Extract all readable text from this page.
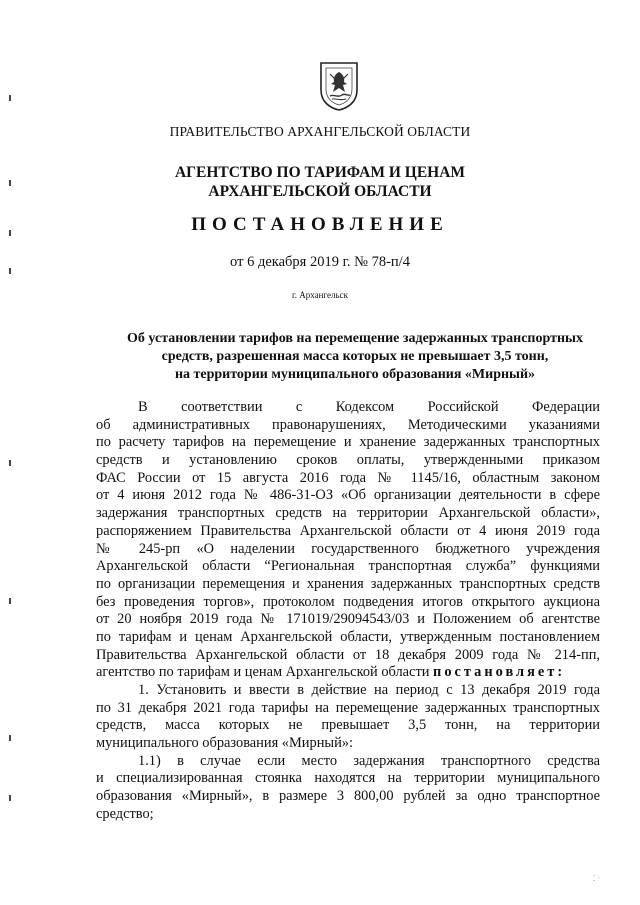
ПРАВИТЕЛЬСТВО АРХАНГЕЛЬСКОЙ ОБЛАСТИ
АГЕНТСТВО ПО ТАРИФАМ И ЦЕНАМ
АРХАНГЕЛЬСКОЙ ОБЛАСТИ
ПОСТАНОВЛЕНИЕ
от 6 декабря 2019 г. № 78-п/4
г. Архангельск
Об установлении тарифов на перемещение задержанных транспортных
средств, разрешенная масса которых не превышает 3,5 тонн,
на территории муниципального образования «Мирный»
В соответствии с Кодексом Российской Федерации
об административных правонарушениях, Методическими указаниями
по расчету тарифов на перемещение и хранение задержанных транспортных
средств и установлению сроков оплаты, утвержденными приказом
ФАС России от 15 августа 2016 года № 1145/16, областным законом
от 4 июня 2012 года № 486-31-ОЗ «Об организации деятельности в сфере
задержания транспортных средств на территории Архангельской области»,
распоряжением Правительства Архангельской области от 4 июня 2019 года
№ 245-рп «О наделении государственного бюджетного учреждения
Архангельской области “Региональная транспортная служба” функциями
по организации перемещения и хранения задержанных транспортных средств
без проведения торгов», протоколом подведения итогов открытого аукциона
от 20 ноября 2019 года № 171019/29094543/03 и Положением об агентстве
по тарифам и ценам Архангельской области, утвержденным постановлением
Правительства Архангельской области от 18 декабря 2009 года № 214-пп,
агентство по тарифам и ценам Архангельской области постановляет:
1. Установить и ввести в действие на период с 13 декабря 2019 года
по 31 декабря 2021 года тарифы на перемещение задержанных транспортных
средств, масса которых не превышает 3,5 тонн, на территории
муниципального образования «Мирный»:
1.1) в случае если место задержания транспортного средства
и специализированная стоянка находятся на территории муниципального
образования «Мирный», в размере 3 800,00 рублей за одно транспортное
средство;
⁚ ·
